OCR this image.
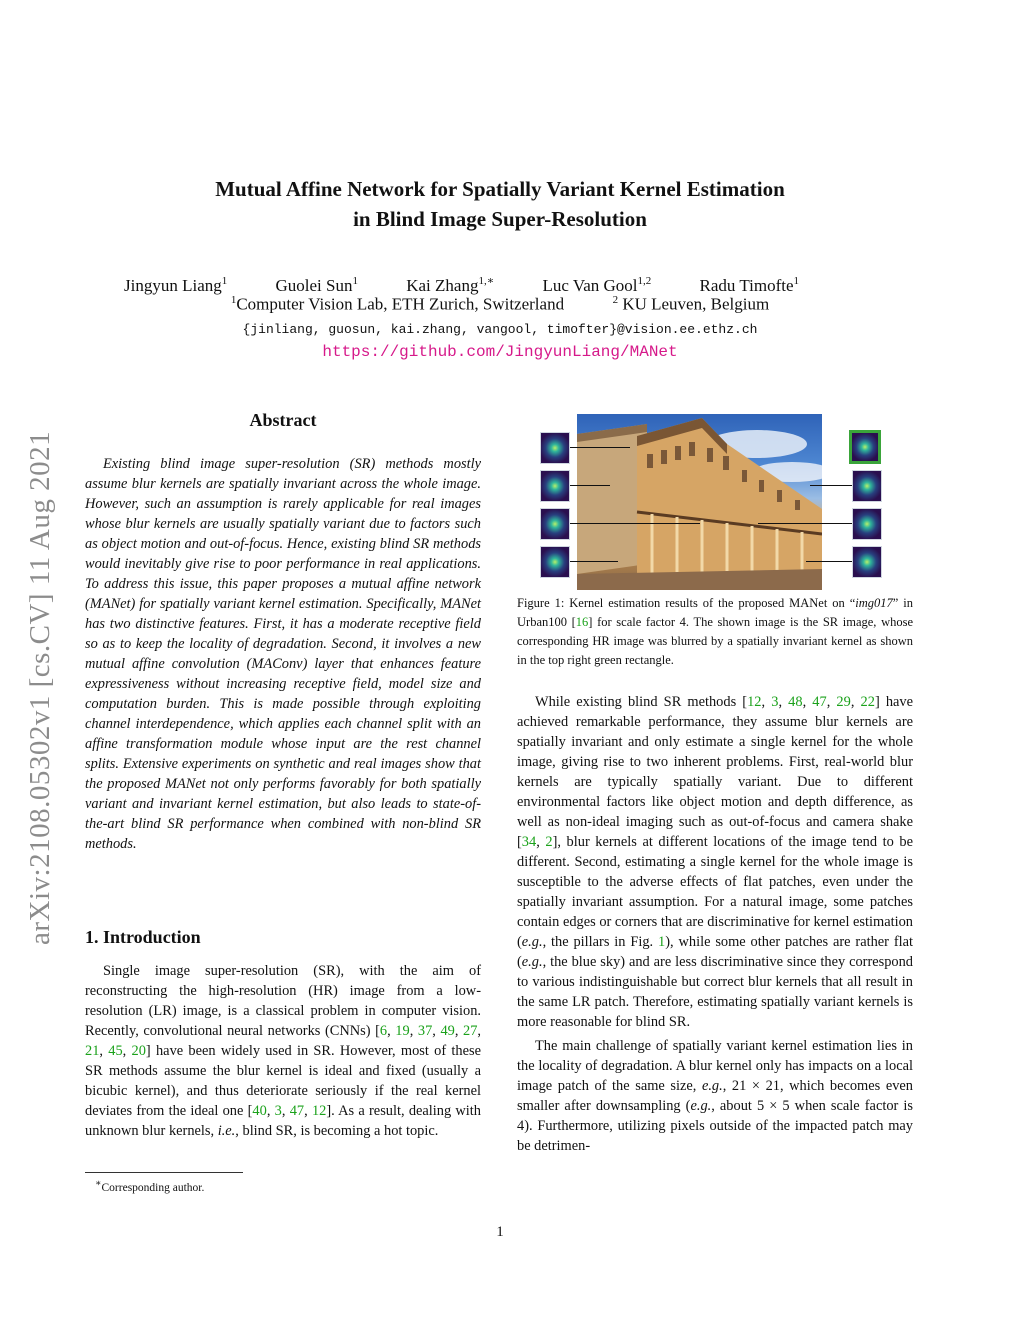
Mutual Affine Network for Spatially Variant Kernel Estimation
in Blind Image Super-Resolution
Jingyun Liang$^1$	Guolei Sun$^1$	Kai Zhang$^{1,∗}$	Luc Van Gool$^{1,2}$	Radu Timofte$^1$
$^1$Computer Vision Lab, ETH Zurich, Switzerland	$^2$ KU Leuven, Belgium
{jinliang, guosun, kai.zhang, vangool, timofter}@vision.ee.ethz.ch
https://github.com/JingyunLiang/MANet
arXiv:2108.05302v1 [cs.CV] 11 Aug 2021
Abstract

Existing blind image super-resolution (SR) methods mostly assume blur kernels are spatially invariant across the whole image. However, such an assumption is rarely applicable for real images whose blur kernels are usually spatially variant due to factors such as object motion and out-of-focus. Hence, existing blind SR methods would inevitably give rise to poor performance in real applications. To address this issue, this paper proposes a mutual affine network (MANet) for spatially variant kernel estimation. Specifically, MANet has two distinctive features. First, it has a moderate receptive field so as to keep the locality of degradation. Second, it involves a new mutual affine convolution (MAConv) layer that enhances feature expressiveness without increasing receptive field, model size and computation burden. This is made possible through exploiting channel interdependence, which applies each channel split with an affine transformation module whose input are the rest channel splits. Extensive experiments on synthetic and real images show that the proposed MANet not only performs favorably for both spatially variant and invariant kernel estimation, but also leads to state-of-the-art blind SR performance when combined with non-blind SR methods.

1. Introduction

Single image super-resolution (SR), with the aim of reconstructing the high-resolution (HR) image from a low-resolution (LR) image, is a classical problem in computer vision. Recently, convolutional neural networks (CNNs) [6, 19, 37, 49, 27, 21, 45, 20] have been widely used in SR. However, most of these SR methods assume the blur kernel is ideal and fixed (usually a bicubic kernel), and thus deteriorate seriously if the real kernel deviates from the ideal one [40, 3, 47, 12]. As a result, dealing with unknown blur kernels, i.e., blind SR, is becoming a hot topic.

∗Corresponding author.
Figure 1: Kernel estimation results of the proposed MANet on “img017” in Urban100 [16] for scale factor 4. The shown image is the SR image, whose corresponding HR image was blurred by a spatially invariant kernel as shown in the top right green rectangle.

While existing blind SR methods [12, 3, 48, 47, 29, 22] have achieved remarkable performance, they assume blur kernels are spatially invariant and only estimate a single kernel for the whole image, giving rise to two inherent problems. First, real-world blur kernels are typically spatially variant. Due to different environmental factors like object motion and depth difference, as well as non-ideal imaging such as out-of-focus and camera shake [34, 2], blur kernels at different locations of the image tend to be different. Second, estimating a single kernel for the whole image is susceptible to the adverse effects of flat patches, even under the spatially invariant assumption. For a natural image, some patches contain edges or corners that are discriminative for kernel estimation (e.g., the pillars in Fig. 1), while some other patches are rather flat (e.g., the blue sky) and are less discriminative since they correspond to various indistinguishable but correct blur kernels that all result in the same LR patch. Therefore, estimating spatially variant kernels is more reasonable for blind SR.

The main challenge of spatially variant kernel estimation lies in the locality of degradation. A blur kernel only has impacts on a local image patch of the same size, e.g., 21 × 21, which becomes even smaller after downsampling (e.g., about 5 × 5 when scale factor is 4). Furthermore, utilizing pixels outside of the impacted patch may be detrimen-

1
